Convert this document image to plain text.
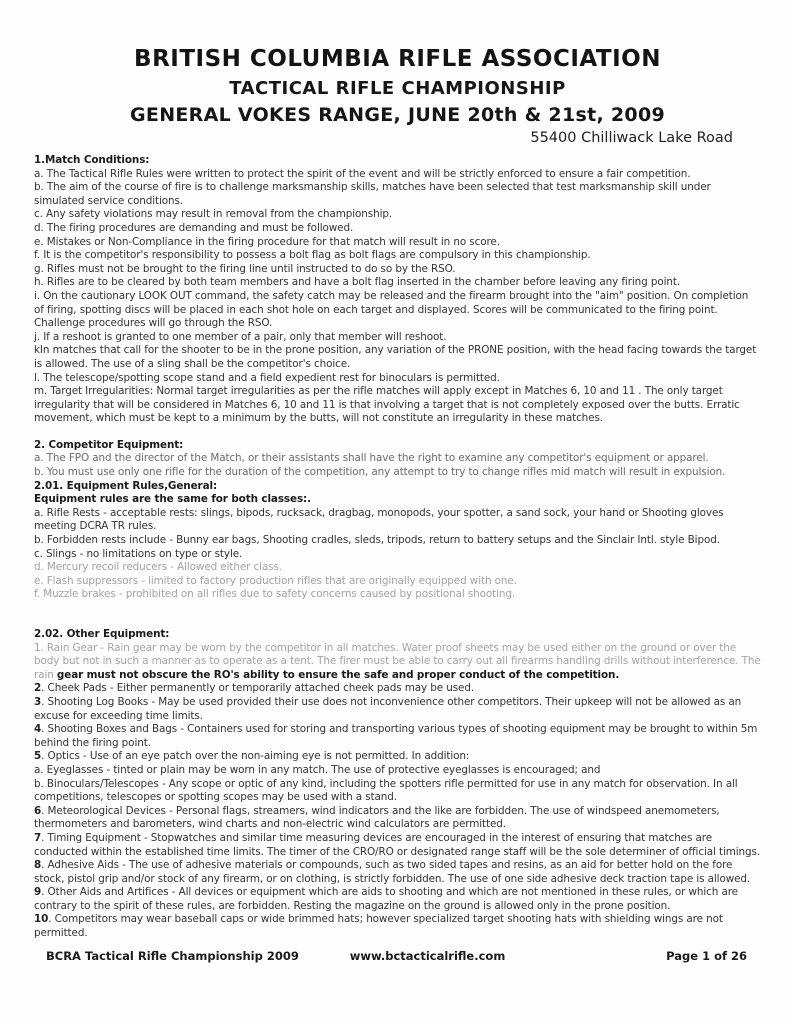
BRITISH COLUMBIA RIFLE ASSOCIATION
TACTICAL RIFLE CHAMPIONSHIP
GENERAL VOKES RANGE, JUNE 20th & 21st, 2009
55400 Chilliwack Lake Road

1.Match Conditions:

a. The Tactical Rifle Rules were written to protect the spirit of the event and will be strictly enforced to ensure a fair competition.

b. The aim of the course of fire is to challenge marksmanship skills, matches have been selected that test marksmanship skill under simulated service conditions.

c. Any safety violations may result in removal from the championship.

d. The firing procedures are demanding and must be followed.

e. Mistakes or Non-Compliance in the firing procedure for that match will result in no score.

f. It is the competitor's responsibility to possess a bolt flag as bolt flags are compulsory in this championship.

g. Rifles must not be brought to the firing line until instructed to do so by the RSO.

h. Rifles are to be cleared by both team members and have a bolt flag inserted in the chamber before leaving any firing point.

i. On the cautionary LOOK OUT command, the safety catch may be released and the firearm brought into the "aim" position. On completion of firing, spotting discs will be placed in each shot hole on each target and displayed. Scores will be communicated to the firing point. Challenge procedures will go through the RSO.

j. If a reshoot is granted to one member of a pair, only that member will reshoot.

kIn matches that call for the shooter to be in the prone position, any variation of the PRONE position, with the head facing towards the target is allowed. The use of a sling shall be the competitor's choice.

l. The telescope/spotting scope stand and a field expedient rest for binoculars is permitted.

m. Target Irregularities: Normal target irregularities as per the rifle matches will apply except in Matches 6, 10 and 11 . The only target irregularity that will be considered in Matches 6, 10 and 11 is that involving a target that is not completely exposed over the butts. Erratic movement, which must be kept to a minimum by the butts, will not constitute an irregularity in these matches.

2. Competitor Equipment:

a. The FPO and the director of the Match, or their assistants shall have the right to examine any competitor's equipment or apparel.

b. You must use only one rifle for the duration of the competition, any attempt to try to change rifles mid match will result in expulsion.

2.01. Equipment Rules,General:

Equipment rules are the same for both classes:.

a. Rifle Rests - acceptable rests: slings, bipods, rucksack, dragbag, monopods, your spotter, a sand sock, your hand or Shooting gloves meeting DCRA TR rules.

b. Forbidden rests include - Bunny ear bags, Shooting cradles, sleds, tripods, return to battery setups and the Sinclair Intl. style Bipod.

c. Slings - no limitations on type or style.

d. Mercury recoil reducers - Allowed either class.

e. Flash suppressors - limited to factory production rifles that are originally equipped with one.

f. Muzzle brakes - prohibited on all rifles due to safety concerns caused by positional shooting.

2.02. Other Equipment:

1. Rain Gear - Rain gear may be worn by the competitor in all matches. Water proof sheets may be used either on the ground or over the body but not in such a manner as to operate as a tent. The firer must be able to carry out all firearms handling drills without interference. The rain gear must not obscure the RO's ability to ensure the safe and proper conduct of the competition.

2. Cheek Pads - Either permanently or temporarily attached cheek pads may be used.

3. Shooting Log Books - May be used provided their use does not inconvenience other competitors. Their upkeep will not be allowed as an excuse for exceeding time limits.

4. Shooting Boxes and Bags - Containers used for storing and transporting various types of shooting equipment may be brought to within 5m behind the firing point.

5. Optics - Use of an eye patch over the non-aiming eye is not permitted. In addition:

a. Eyeglasses - tinted or plain may be worn in any match. The use of protective eyeglasses is encouraged; and

b. Binoculars/Telescopes - Any scope or optic of any kind, including the spotters rifle permitted for use in any match for observation. In all competitions, telescopes or spotting scopes may be used with a stand.

6. Meteorological Devices - Personal flags, streamers, wind indicators and the like are forbidden. The use of windspeed anemometers, thermometers and barometers, wind charts and non-electric wind calculators are permitted.

7. Timing Equipment - Stopwatches and similar time measuring devices are encouraged in the interest of ensuring that matches are conducted within the established time limits. The timer of the CRO/RO or designated range staff will be the sole determiner of official timings.

8. Adhesive Aids - The use of adhesive materials or compounds, such as two sided tapes and resins, as an aid for better hold on the fore stock, pistol grip and/or stock of any firearm, or on clothing, is strictly forbidden. The use of one side adhesive deck traction tape is allowed.

9. Other Aids and Artifices - All devices or equipment which are aids to shooting and which are not mentioned in these rules, or which are contrary to the spirit of these rules, are forbidden. Resting the magazine on the ground is allowed only in the prone position.

10. Competitors may wear baseball caps or wide brimmed hats; however specialized target shooting hats with shielding wings are not permitted.

BCRA Tactical Rifle Championship 2009	www.bctacticalrifle.com	Page 1 of 26
